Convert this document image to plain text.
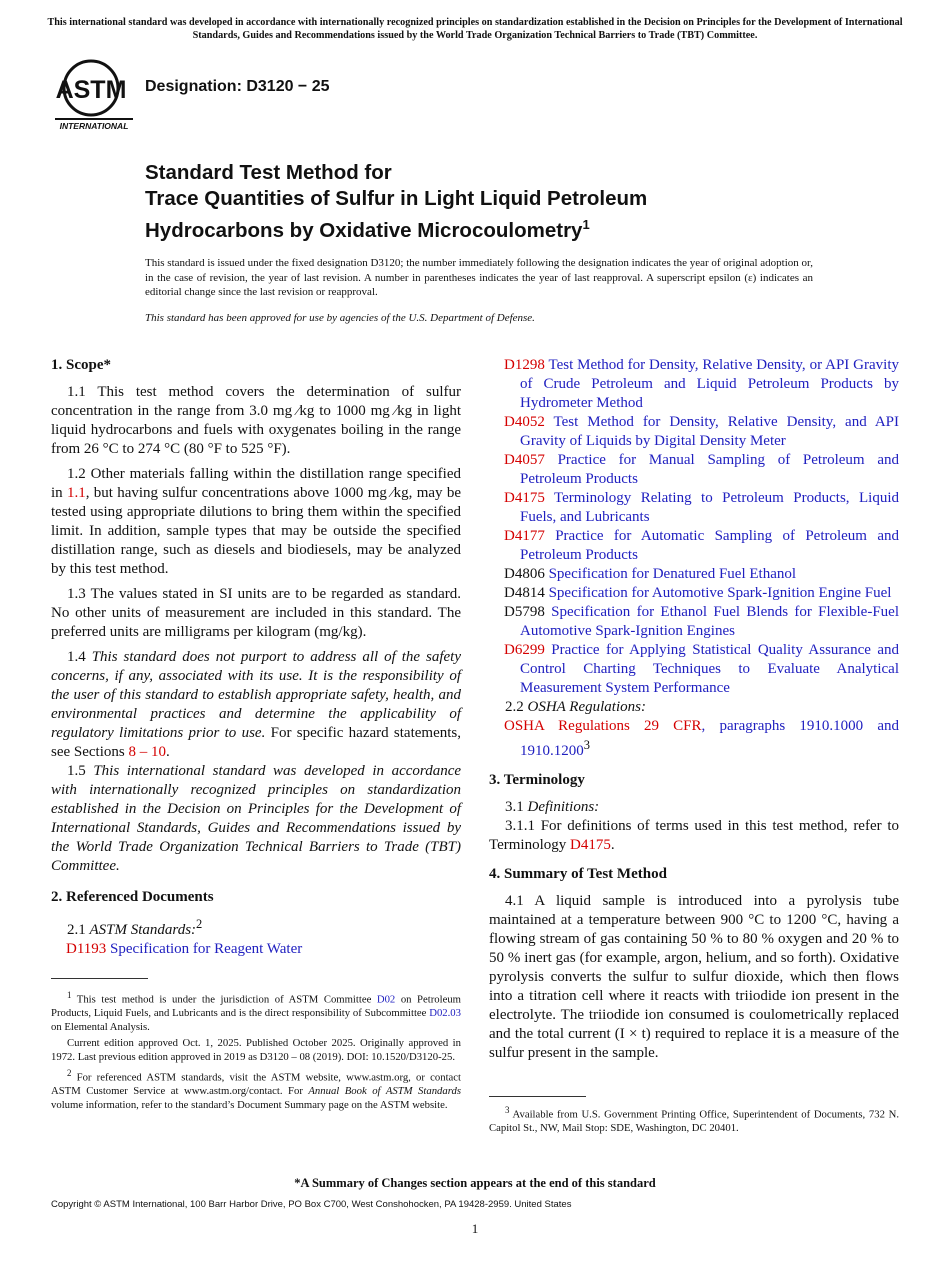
This international standard was developed in accordance with internationally recognized principles on standardization established in the Decision on Principles for the Development of International Standards, Guides and Recommendations issued by the World Trade Organization Technical Barriers to Trade (TBT) Committee.
ASTM
INTERNATIONAL
Designation: D3120 − 25
Standard Test Method for
Trace Quantities of Sulfur in Light Liquid Petroleum
Hydrocarbons by Oxidative Microcoulometry$^1$
This standard is issued under the fixed designation D3120; the number immediately following the designation indicates the year of original adoption or, in the case of revision, the year of last revision. A number in parentheses indicates the year of last reapproval. A superscript epsilon (ε) indicates an editorial change since the last revision or reapproval.
This standard has been approved for use by agencies of the U.S. Department of Defense.
1. Scope*

1.1 This test method covers the determination of sulfur concentration in the range from 3.0 mg ⁄kg to 1000 mg ⁄kg in light liquid hydrocarbons and fuels with oxygenates boiling in the range from 26 °C to 274 °C (80 °F to 525 °F).

1.2 Other materials falling within the distillation range specified in 1.1, but having sulfur concentrations above 1000 mg ⁄kg, may be tested using appropriate dilutions to bring them within the specified limit. In addition, sample types that may be outside the specified distillation range, such as diesels and biodiesels, may be analyzed by this test method.

1.3 The values stated in SI units are to be regarded as standard. No other units of measurement are included in this standard. The preferred units are milligrams per kilogram (mg/kg).

1.4 This standard does not purport to address all of the safety concerns, if any, associated with its use. It is the responsibility of the user of this standard to establish appropriate safety, health, and environmental practices and determine the applicability of regulatory limitations prior to use. For specific hazard statements, see Sections 8 – 10.

1.5 This international standard was developed in accordance with internationally recognized principles on standardization established in the Decision on Principles for the Development of International Standards, Guides and Recommendations issued by the World Trade Organization Technical Barriers to Trade (TBT) Committee.

2. Referenced Documents

2.1 ASTM Standards:$^2$

D1193 Specification for Reagent Water

$^1$ This test method is under the jurisdiction of ASTM Committee D02 on Petroleum Products, Liquid Fuels, and Lubricants and is the direct responsibility of Subcommittee D02.03 on Elemental Analysis.

Current edition approved Oct. 1, 2025. Published October 2025. Originally approved in 1972. Last previous edition approved in 2019 as D3120 – 08 (2019). DOI: 10.1520/D3120-25.

$^2$ For referenced ASTM standards, visit the ASTM website, www.astm.org, or contact ASTM Customer Service at www.astm.org/contact. For Annual Book of ASTM Standards volume information, refer to the standard’s Document Summary page on the ASTM website.

D1298 Test Method for Density, Relative Density, or API Gravity of Crude Petroleum and Liquid Petroleum Products by Hydrometer Method

D4052 Test Method for Density, Relative Density, and API Gravity of Liquids by Digital Density Meter

D4057 Practice for Manual Sampling of Petroleum and Petroleum Products

D4175 Terminology Relating to Petroleum Products, Liquid Fuels, and Lubricants

D4177 Practice for Automatic Sampling of Petroleum and Petroleum Products

D4806 Specification for Denatured Fuel Ethanol

D4814 Specification for Automotive Spark-Ignition Engine Fuel

D5798 Specification for Ethanol Fuel Blends for Flexible-Fuel Automotive Spark-Ignition Engines

D6299 Practice for Applying Statistical Quality Assurance and Control Charting Techniques to Evaluate Analytical Measurement System Performance

2.2 OSHA Regulations:

OSHA Regulations 29 CFR, paragraphs 1910.1000 and 1910.1200$^3$

3. Terminology

3.1 Definitions:

3.1.1 For definitions of terms used in this test method, refer to Terminology D4175.

4. Summary of Test Method

4.1 A liquid sample is introduced into a pyrolysis tube maintained at a temperature between 900 °C to 1200 °C, having a flowing stream of gas containing 50 % to 80 % oxygen and 20 % to 50 % inert gas (for example, argon, helium, and so forth). Oxidative pyrolysis converts the sulfur to sulfur dioxide, which then flows into a titration cell where it reacts with triiodide ion present in the electrolyte. The triiodide ion consumed is coulometrically replaced and the total current (I × t) required to replace it is a measure of the sulfur present in the sample.

$^3$ Available from U.S. Government Printing Office, Superintendent of Documents, 732 N. Capitol St., NW, Mail Stop: SDE, Washington, DC 20401.

*A Summary of Changes section appears at the end of this standard
Copyright © ASTM International, 100 Barr Harbor Drive, PO Box C700, West Conshohocken, PA 19428-2959. United States
1
